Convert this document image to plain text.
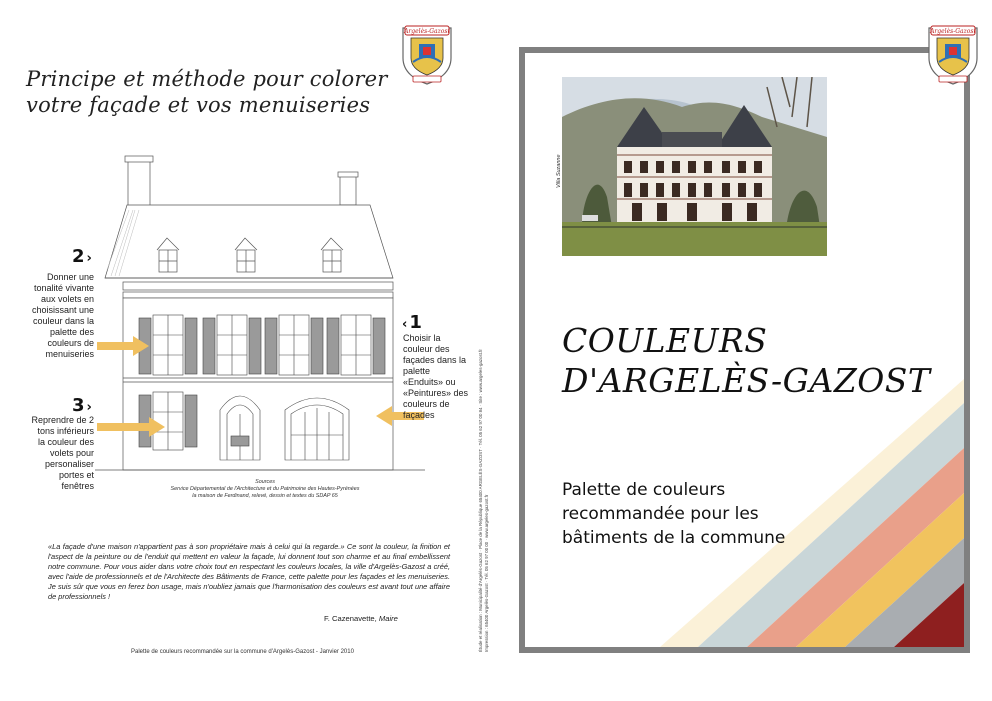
Argelès-Gazost
Principe et méthode pour colorer
votre façade et vos menuiseries
2 ›
Donner une tonalité vivante aux volets en choisissant une couleur dans la palette des couleurs de menuiseries
‹ 1
Choisir la couleur des façades dans la palette «Enduits» ou «Peintures» des couleurs de façades
3 ›
Reprendre de 2 tons inférieurs la couleur des volets pour personaliser portes et fenêtres	Sources
Service Départemental de l'Architecture et du Patrimoine des Hautes-Pyrénées
la maison de Ferdinand, relevé, dessin et textes du SDAP 65
«La façade d'une maison n'appartient pas à son propriétaire mais à celui qui la regarde.» Ce sont la couleur, la finition et l'aspect de la peinture ou de l'enduit qui mettent en valeur la façade, lui donnent tout son charme et au final embellissent notre commune. Pour vous aider dans votre choix tout en respectant les couleurs locales, la ville d'Argelès-Gazost a créé, avec l'aide de professionnels et de l'Architecte des Bâtiments de France, cette palette pour les façades et les menuiseries. Je suis sûr que vous en ferez bon usage, mais n'oubliez jamais que l'harmonisation des couleurs est avant tout une affaire de professionnels !
F. Cazenavette, Maire
Palette de couleurs recommandée sur la commune d'Argelès-Gazost - Janvier 2010	Étude et réalisation : Municipalité d'Argelès-Gazost · Place de la République 65400 ARGELÈS-GAZOST · Tél. 05 62 97 00 84 · Site : www.argeles-gazost.fr Impression : 65400 Argelès-Gazost · Tél. 05 62 97 00 00 · www.argeles-gazost.fr
Villa Suzanne
COULEURS
D'ARGELÈS-GAZOST
Palette de couleurs
recommandée pour les
bâtiments de la commune
Argelès-Gazost
